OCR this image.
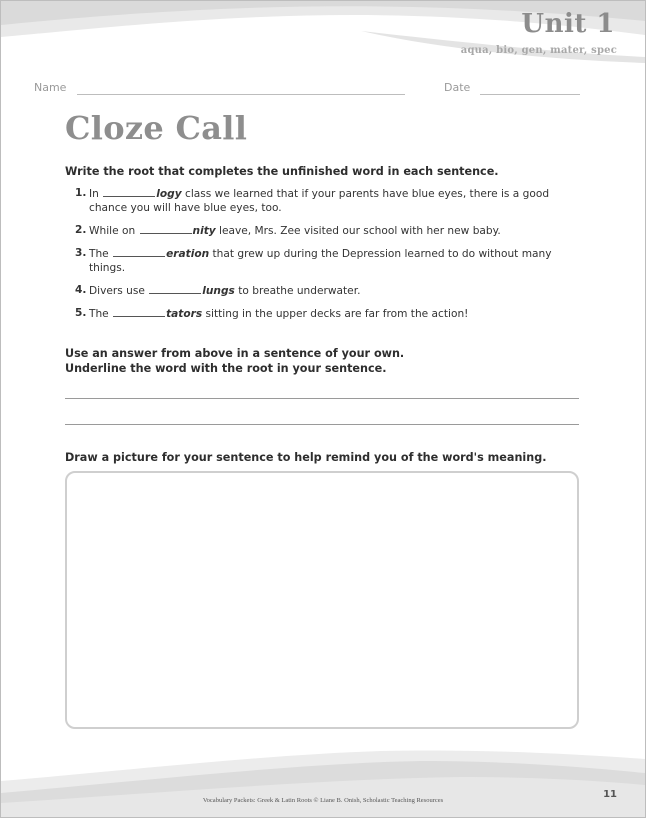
Unit 1
aqua, bio, gen, mater, spec
Name	Date
Cloze Call

Write the root that completes the unfinished word in each sentence.

1. In	logy class we learned that if your parents have blue eyes, there is a good chance you will have blue eyes, too.
2. While on	nity leave, Mrs. Zee visited our school with her new baby.
3. The	eration that grew up during the Depression learned to do without many things.
4. Divers use	lungs to breathe underwater.
5. The	tators sitting in the upper decks are far from the action!

Use an answer from above in a sentence of your own.
Underline the word with the root in your sentence.

Draw a picture for your sentence to help remind you of the word's meaning.

Vocabulary Packets: Greek & Latin Roots © Liane B. Onish, Scholastic Teaching Resources
11
